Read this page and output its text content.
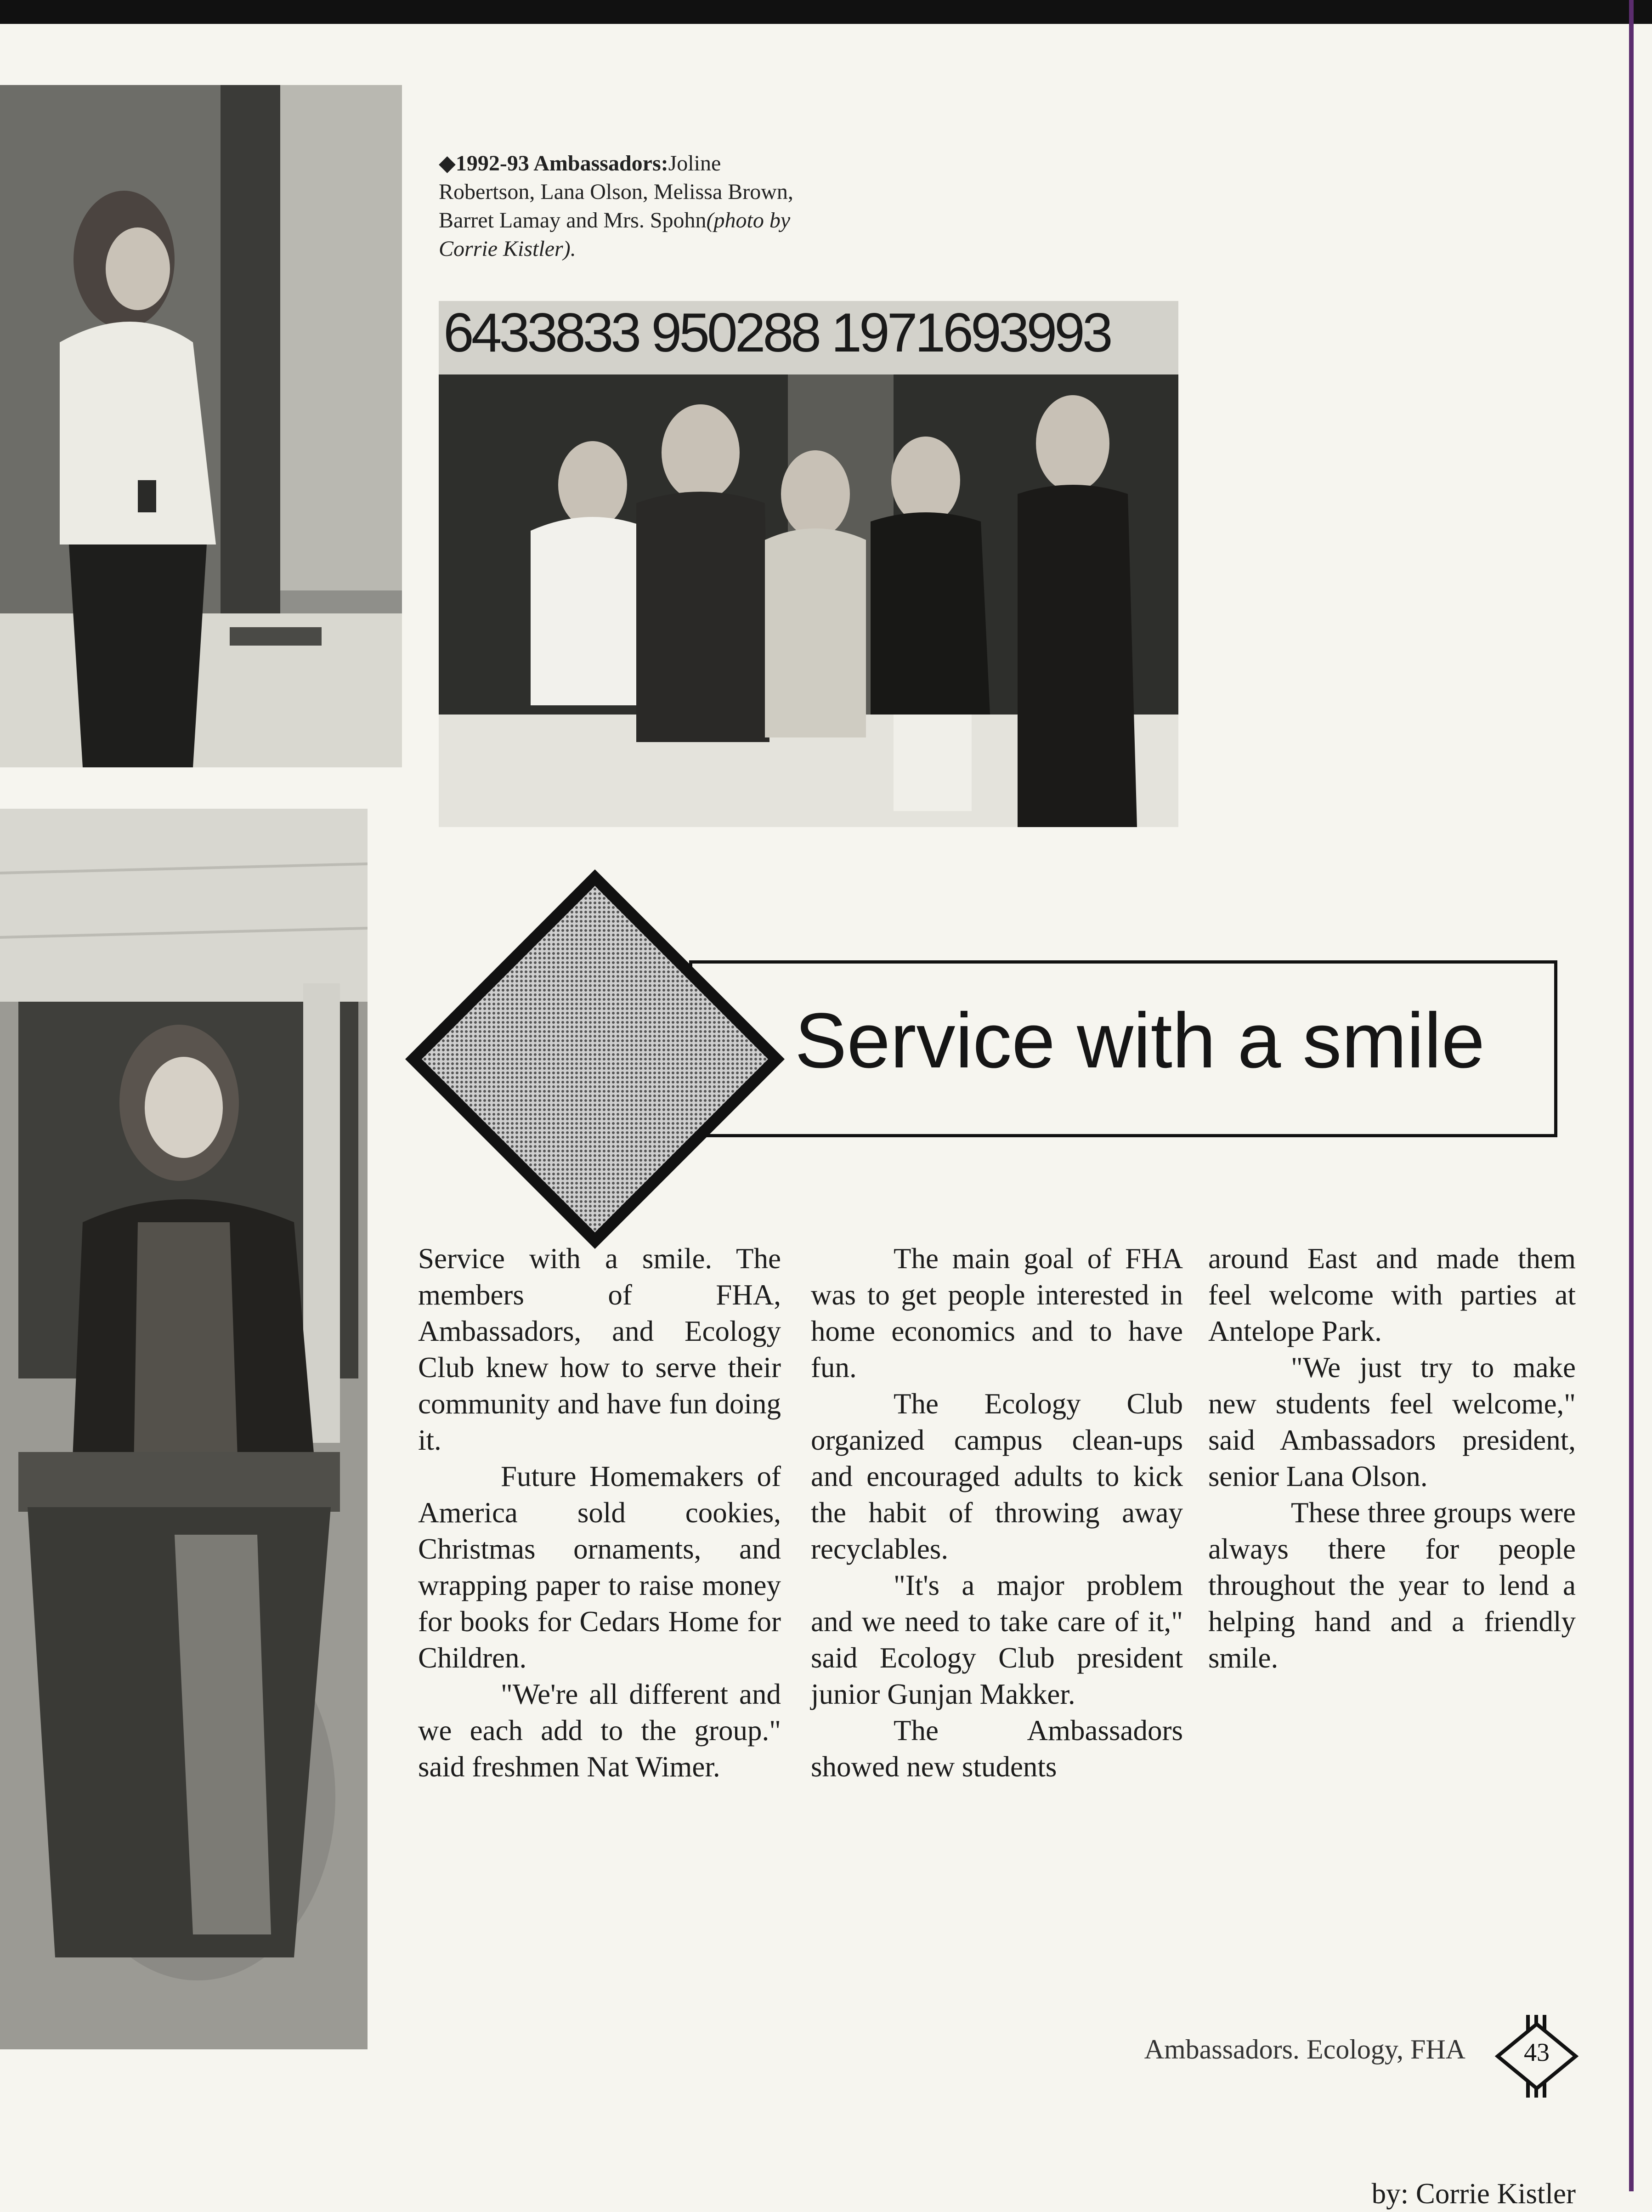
6433833 950288 1971693993
◆1992-93 Ambassadors:Joline Robertson, Lana Olson, Melissa Brown, Barret Lamay and Mrs. Spohn(photo by Corrie Kistler).
Service with a smile

Service with a smile. The members of FHA, Ambassadors, and Ecology Club knew how to serve their community and have fun doing it.

Future Homemakers of America sold cookies, Christmas ornaments, and wrapping paper to raise money for books for Cedars Home for Children.

"We're all different and we each add to the group." said freshmen Nat Wimer.

The main goal of FHA was to get people interested in home economics and to have fun.

The Ecology Club organized campus clean-ups and encouraged adults to kick the habit of throwing away recyclables.

"It's a major problem and we need to take care of it," said Ecology Club president junior Gunjan Makker.

The Ambassadors showed new students

around East and made them feel welcome with parties at Antelope Park.

"We just try to make new students feel welcome," said Ambassadors president, senior Lana Olson.

These three groups were always there for people throughout the year to lend a helping hand and a friendly smile.

by: Corrie Kistler
Ambassadors. Ecology, FHA	43
